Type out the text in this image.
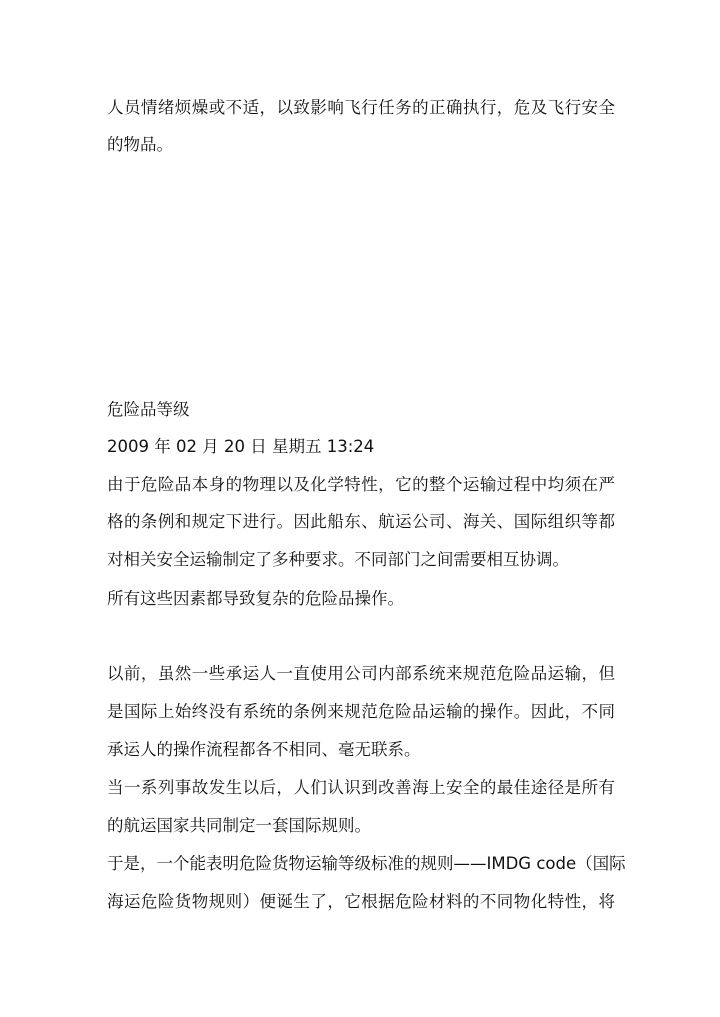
人员情绪烦燥或不适，以致影响飞行任务的正确执行，危及飞行安全
的物品。
危险品等级
2009 年 02 月 20 日 星期五 13:24
由于危险品本身的物理以及化学特性，它的整个运输过程中均须在严
格的条例和规定下进行。因此船东、航运公司、海关、国际组织等都
对相关安全运输制定了多种要求。不同部门之间需要相互协调。
所有这些因素都导致复杂的危险品操作。
以前，虽然一些承运人一直使用公司内部系统来规范危险品运输，但
是国际上始终没有系统的条例来规范危险品运输的操作。因此，不同
承运人的操作流程都各不相同、毫无联系。
当一系列事故发生以后，人们认识到改善海上安全的最佳途径是所有
的航运国家共同制定一套国际规则。
于是，一个能表明危险货物运输等级标准的规则——IMDG code（国际
海运危险货物规则）便诞生了，它根据危险材料的不同物化特性，将
